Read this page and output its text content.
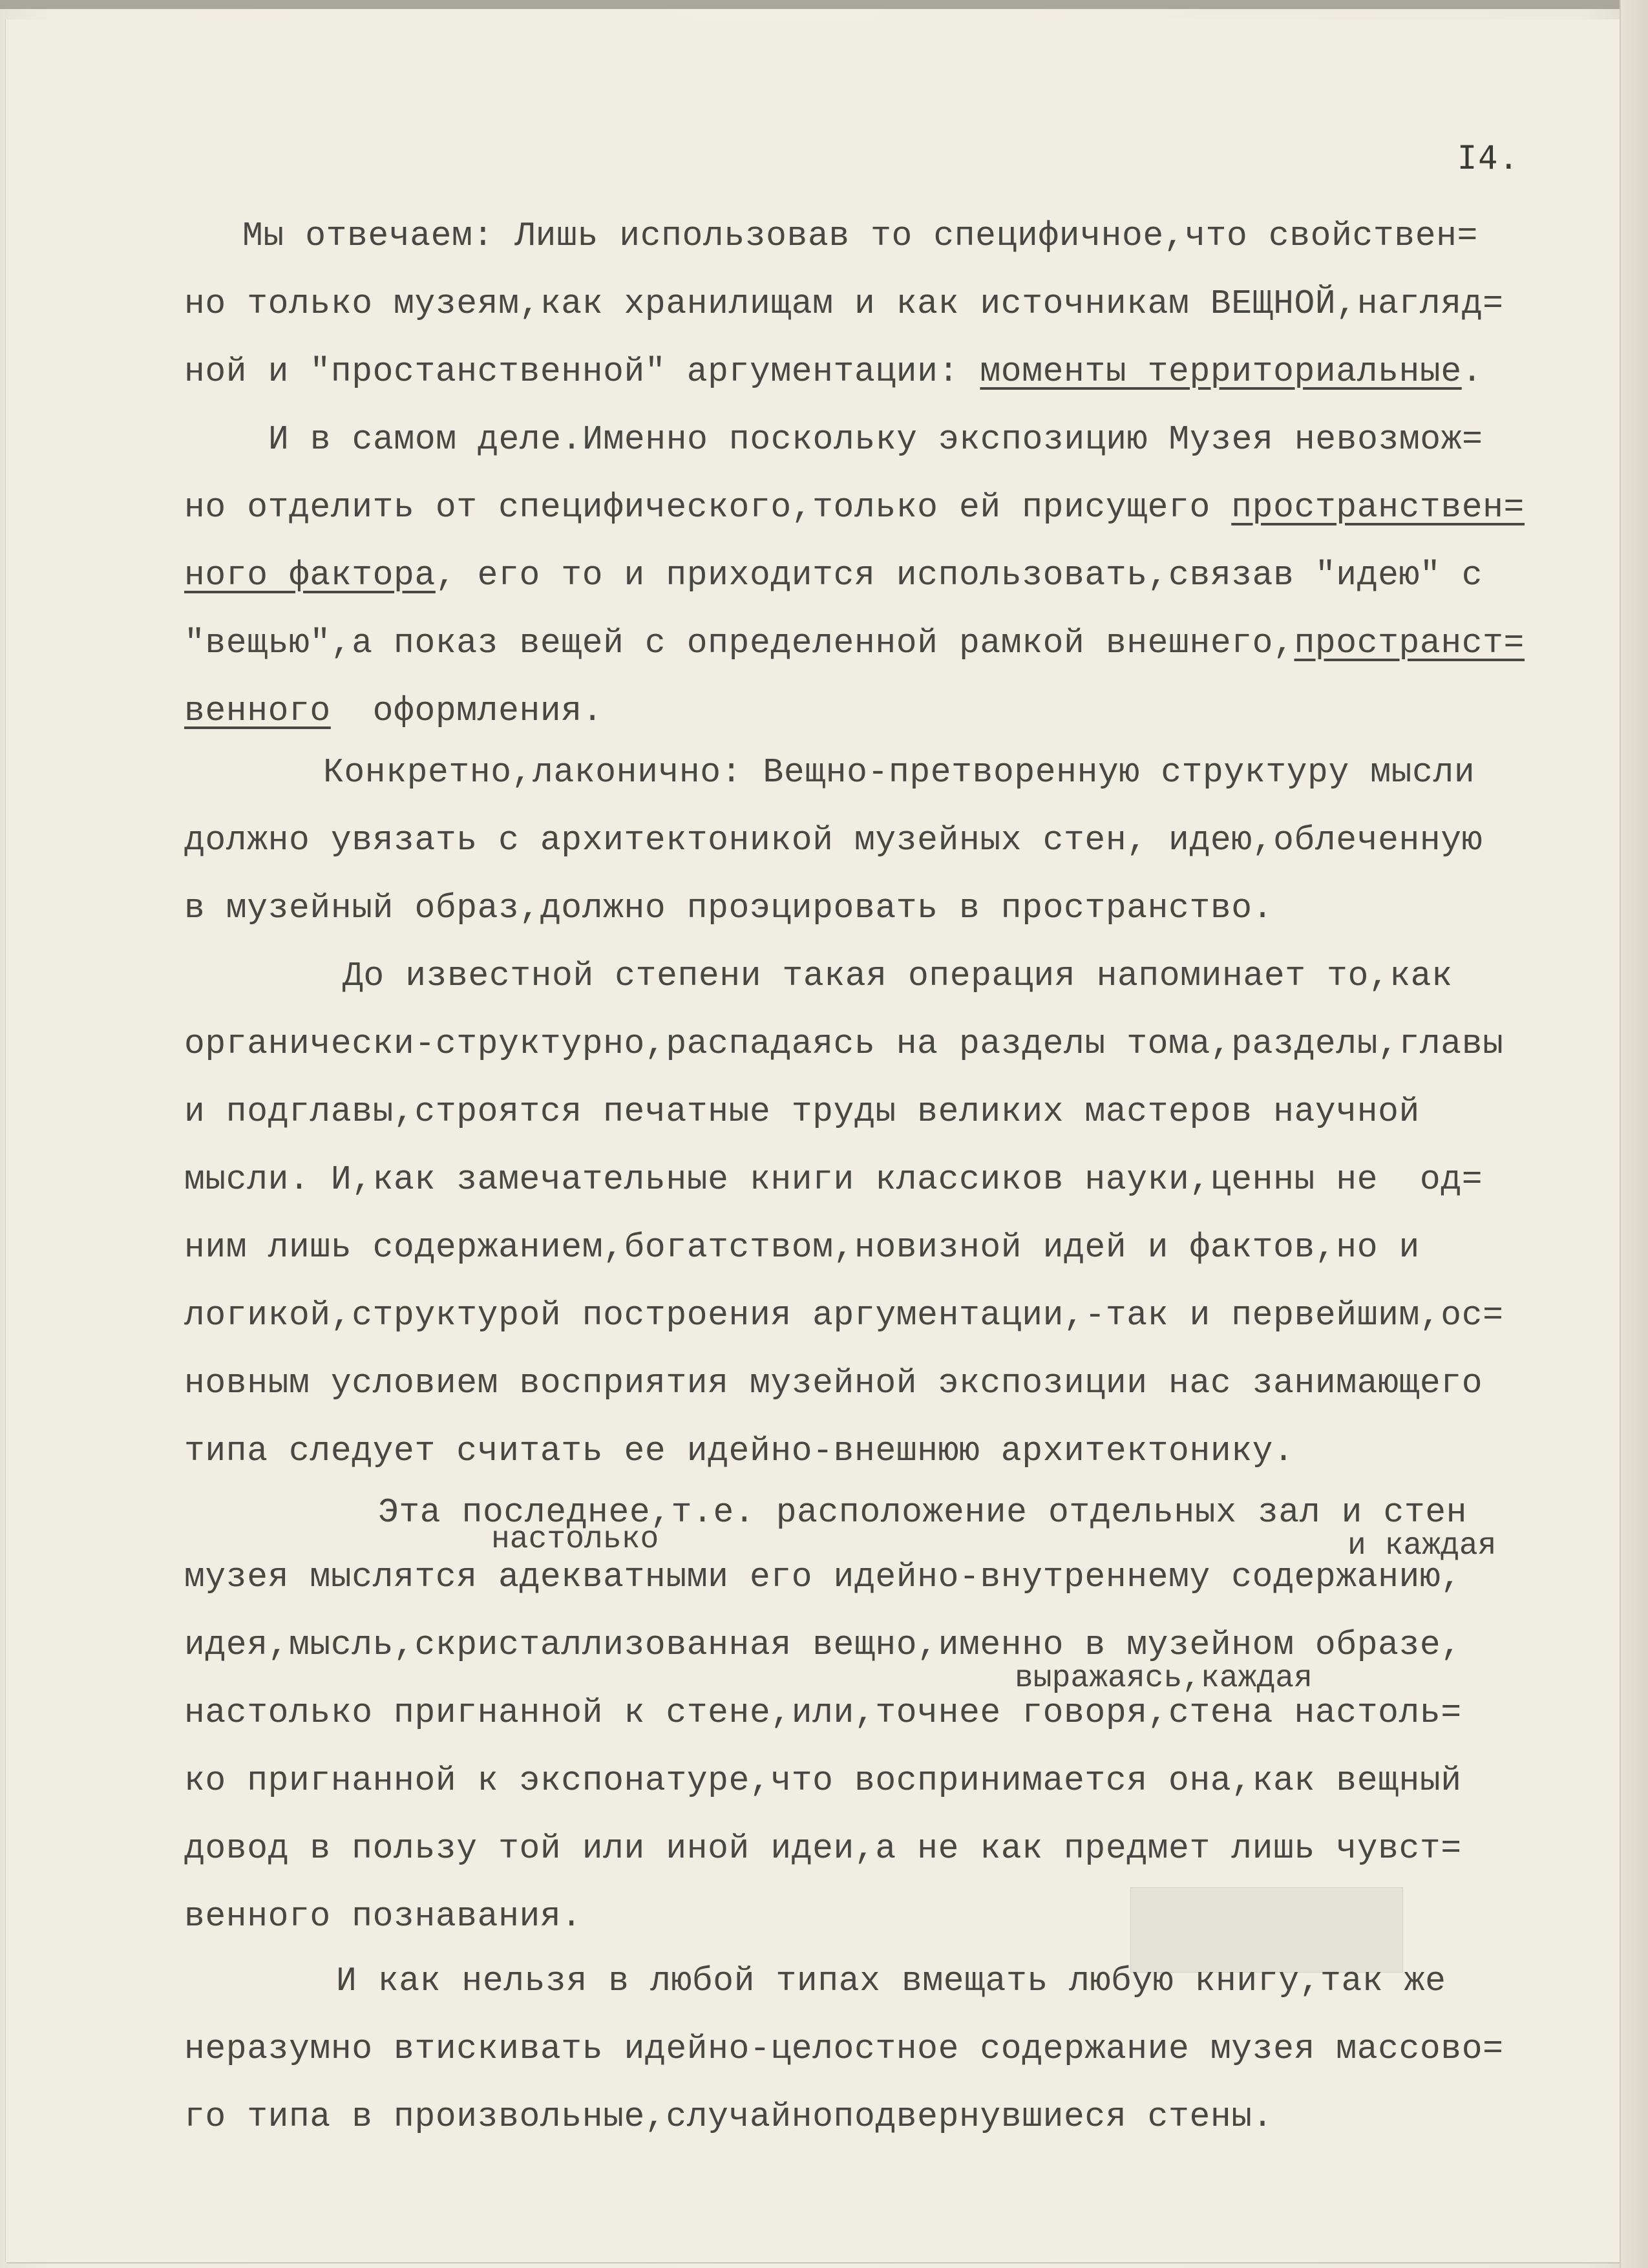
I4.
Мы отвечаем: Лишь использовав то специфичное,что свойствен=
но только музеям,как хранилищам и как источникам ВЕЩНОЙ,нагляд=
ной и "простанственной" аргументации: моменты территориальные.
И в самом деле.Именно поскольку экспозицию Музея невозмож=
но отделить от специфического,только ей присущего пространствен=
ного фактора, его то и приходится использовать,связав "идею" с
"вещью",а показ вещей с определенной рамкой внешнего,пространст=
венного  оформления.
Конкретно,лаконично: Вещно-претворенную структуру мысли
должно увязать с архитектоникой музейных стен, идею,облеченную
в музейный образ,должно проэцировать в пространство.
До известной степени такая операция напоминает то,как
органически-структурно,распадаясь на разделы тома,разделы,главы
и подглавы,строятся печатные труды великих мастеров научной
мысли. И,как замечательные книги классиков науки,ценны не  од=
ним лишь содержанием,богатством,новизной идей и фактов,но и
логикой,структурой построения аргументации,-так и первейшим,ос=
новным условием восприятия музейной экспозиции нас занимающего
типа следует считать ее идейно-внешнюю архитектонику.
Эта последнее,т.е. расположение отдельных зал и стен
музея мыслятся адекватными его идейно-внутреннему содержанию,
идея,мысль,скристаллизованная вещно,именно в музейном образе,
настолько пригнанной к стене,или,точнее говоря,стена настоль=
ко пригнанной к экспонатуре,что воспринимается она,как вещный
довод в пользу той или иной идеи,а не как предмет лишь чувст=
венного познавания.
И как нельзя в любой типах вмещать любую книгу,так же
неразумно втискивать идейно-целостное содержание музея массово=
го типа в произвольные,случайноподвернувшиеся стены.
настолько	и каждая
выражаясь,каждая
